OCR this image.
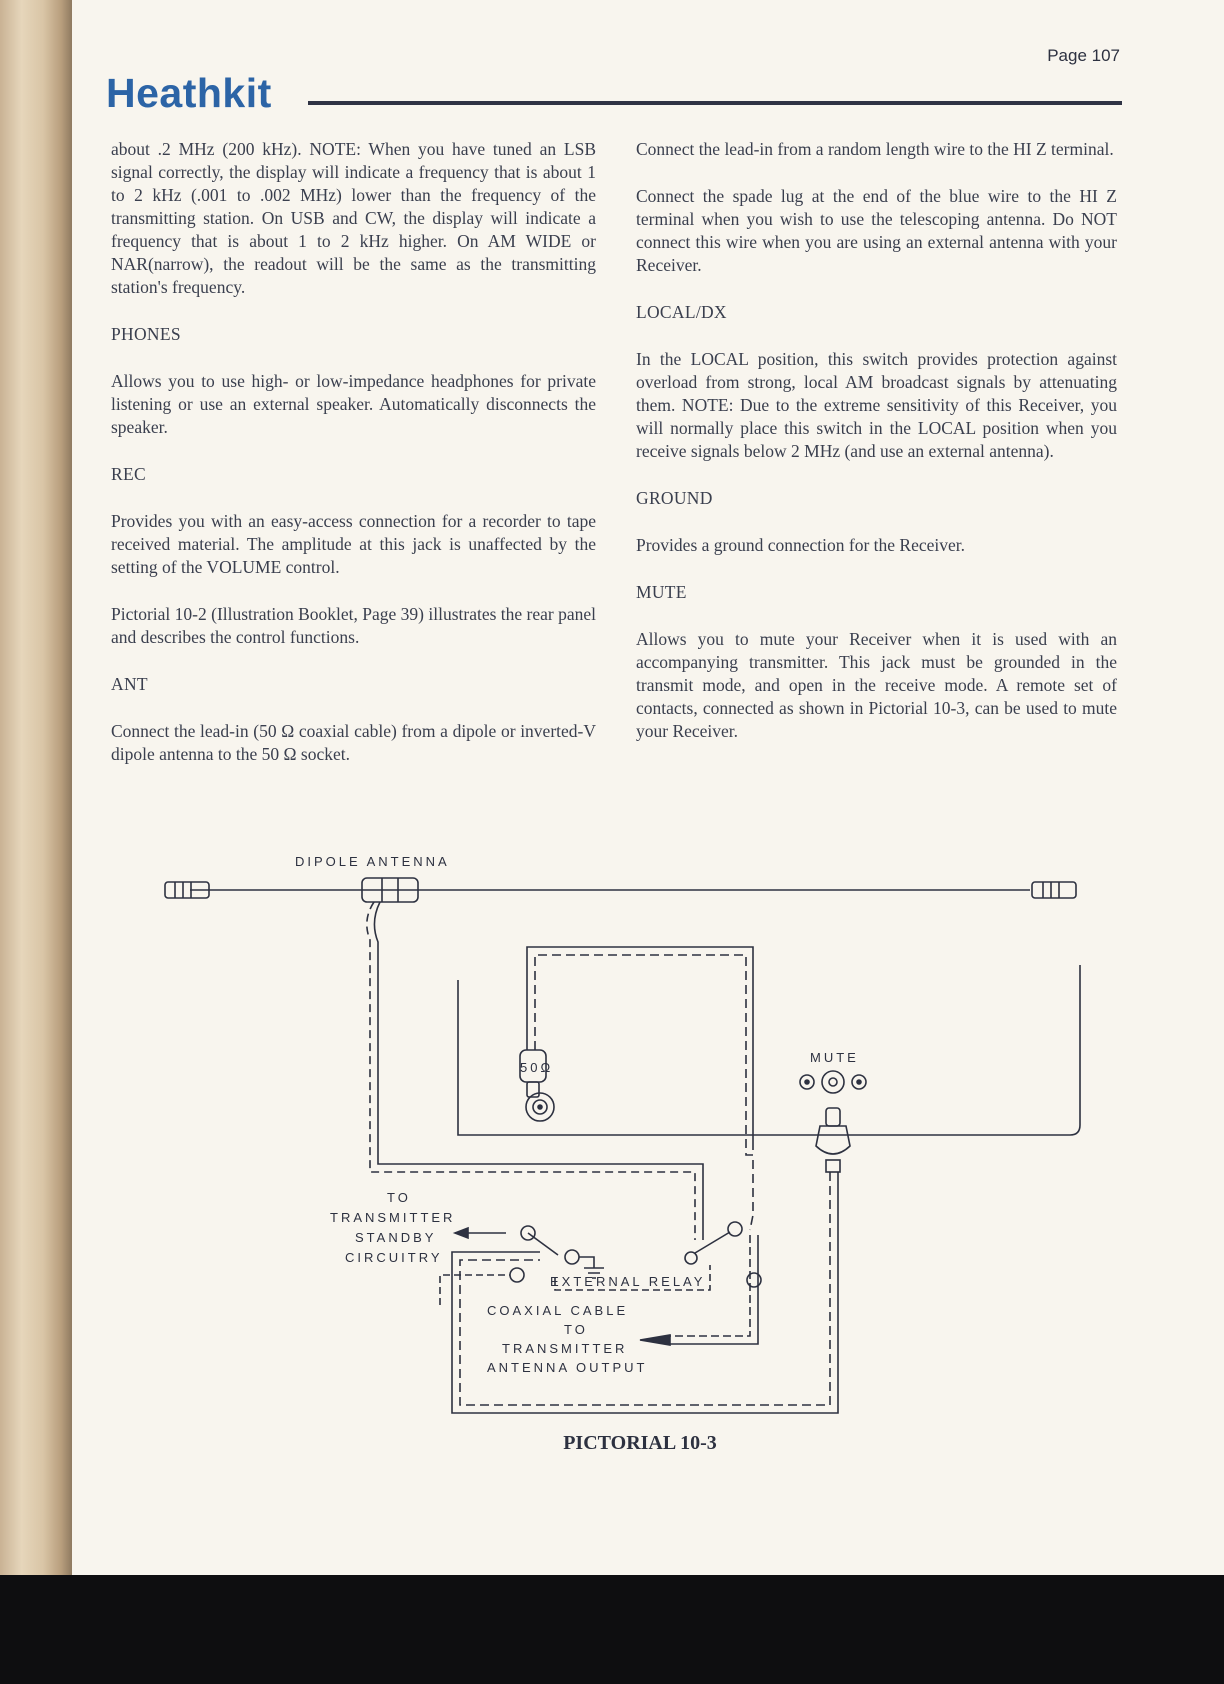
Page 107
Heathkit

about .2 MHz (200 kHz). NOTE: When you have tuned an LSB signal correctly, the display will indicate a frequency that is about 1 to 2 kHz (.001 to .002 MHz) lower than the frequency of the transmitting station. On USB and CW, the display will indicate a frequency that is about 1 to 2 kHz higher. On AM WIDE or NAR(narrow), the readout will be the same as the transmitting station's frequency.

PHONES

Allows you to use high- or low-impedance headphones for private listening or use an external speaker. Automatically disconnects the speaker.

REC

Provides you with an easy-access connection for a recorder to tape received material. The amplitude at this jack is unaffected by the setting of the VOLUME control.

Pictorial 10-2 (Illustration Booklet, Page 39) illustrates the rear panel and describes the control functions.

ANT

Connect the lead-in (50 Ω coaxial cable) from a dipole or inverted-V dipole antenna to the 50 Ω socket.

Connect the lead-in from a random length wire to the HI Z terminal.

Connect the spade lug at the end of the blue wire to the HI Z terminal when you wish to use the telescoping antenna. Do NOT connect this wire when you are using an external antenna with your Receiver.

LOCAL/DX

In the LOCAL position, this switch provides protection against overload from strong, local AM broadcast signals by attenuating them. NOTE: Due to the extreme sensitivity of this Receiver, you will normally place this switch in the LOCAL position when you receive signals below 2 MHz (and use an external antenna).

GROUND

Provides a ground connection for the Receiver.

MUTE

Allows you to mute your Receiver when it is used with an accompanying transmitter. This jack must be grounded in the transmit mode, and open in the receive mode. A remote set of contacts, connected as shown in Pictorial 10-3, can be used to mute your Receiver.

DIPOLE ANTENNA
50Ω
MUTE
TO
TRANSMITTER
STANDBY
CIRCUITRY
EXTERNAL RELAY
COAXIAL CABLE
TO
TRANSMITTER
ANTENNA OUTPUT
PICTORIAL 10-3
